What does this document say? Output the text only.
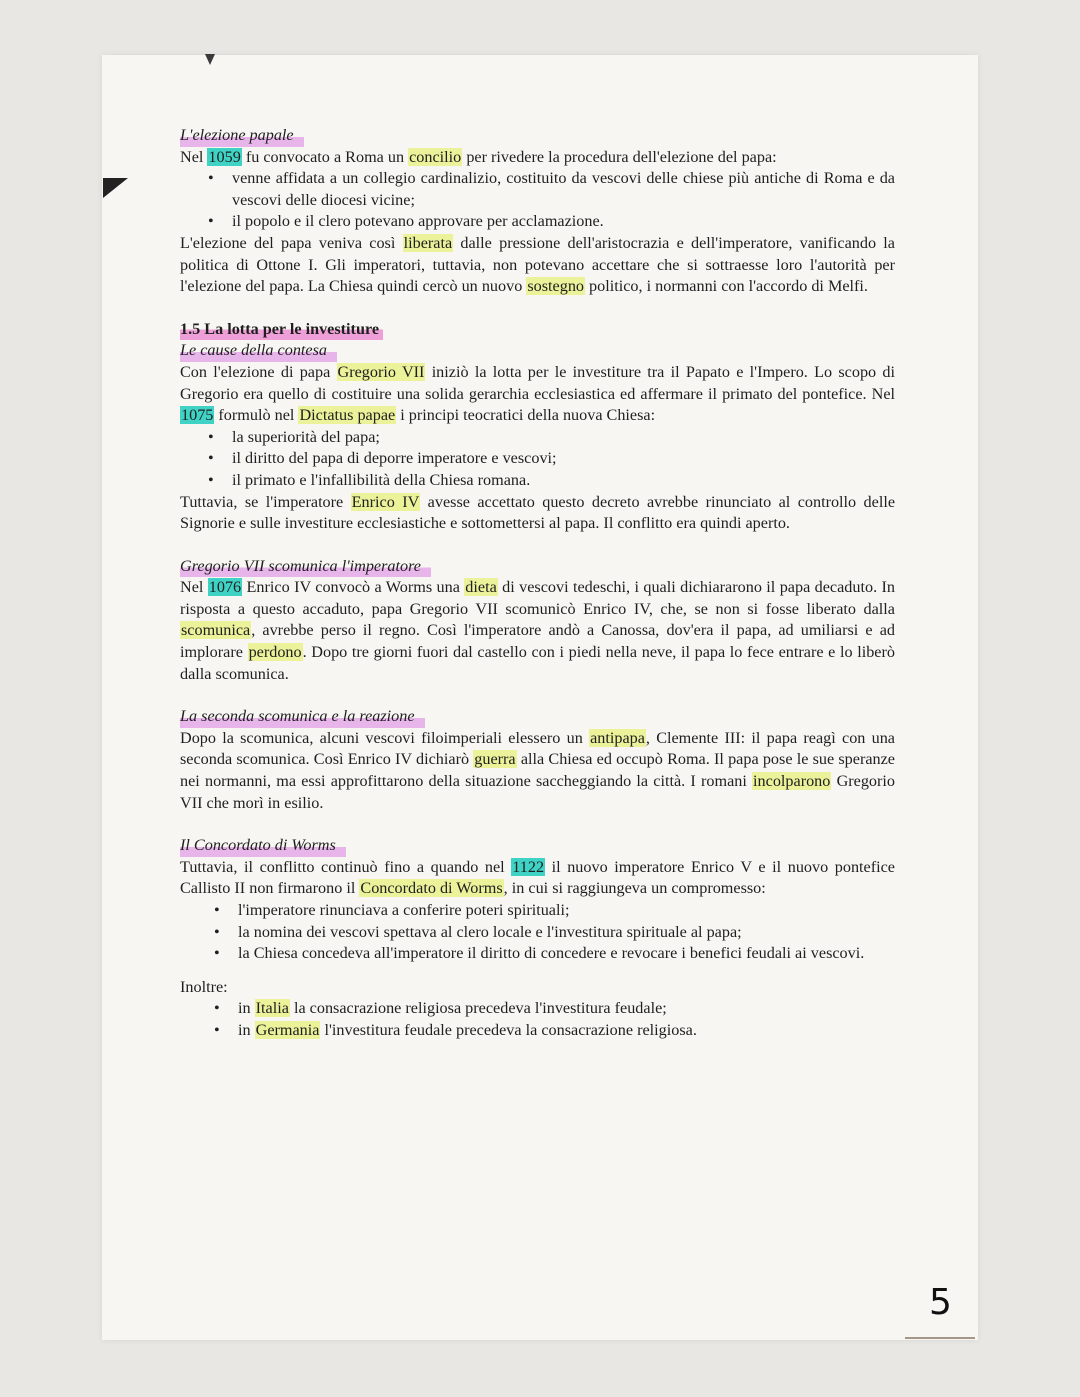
L'elezione papale

Nel 1059 fu convocato a Roma un concilio per rivedere la procedura dell'elezione del papa:

• venne affidata a un collegio cardinalizio, costituito da vescovi delle chiese più antiche di Roma e da vescovi delle diocesi vicine;
• il popolo e il clero potevano approvare per acclamazione.

L'elezione del papa veniva così liberata dalle pressione dell'aristocrazia e dell'imperatore, vanificando la politica di Ottone I. Gli imperatori, tuttavia, non potevano accettare che si sottraesse loro l'autorità per l'elezione del papa. La Chiesa quindi cercò un nuovo sostegno politico, i normanni con l'accordo di Melfi.

1.5 La lotta per le investiture
Le cause della contesa

Con l'elezione di papa Gregorio VII iniziò la lotta per le investiture tra il Papato e l'Impero. Lo scopo di Gregorio era quello di costituire una solida gerarchia ecclesiastica ed affermare il primato del pontefice. Nel 1075 formulò nel Dictatus papae i principi teocratici della nuova Chiesa:

• la superiorità del papa;
• il diritto del papa di deporre imperatore e vescovi;
• il primato e l'infallibilità della Chiesa romana.

Tuttavia, se l'imperatore Enrico IV avesse accettato questo decreto avrebbe rinunciato al controllo delle Signorie e sulle investiture ecclesiastiche e sottomettersi al papa. Il conflitto era quindi aperto.

Gregorio VII scomunica l'imperatore

Nel 1076 Enrico IV convocò a Worms una dieta di vescovi tedeschi, i quali dichiararono il papa decaduto. In risposta a questo accaduto, papa Gregorio VII scomunicò Enrico IV, che, se non si fosse liberato dalla scomunica, avrebbe perso il regno. Così l'imperatore andò a Canossa, dov'era il papa, ad umiliarsi e ad implorare perdono. Dopo tre giorni fuori dal castello con i piedi nella neve, il papa lo fece entrare e lo liberò dalla scomunica.

La seconda scomunica e la reazione

Dopo la scomunica, alcuni vescovi filoimperiali elessero un antipapa, Clemente III: il papa reagì con una seconda scomunica. Così Enrico IV dichiarò guerra alla Chiesa ed occupò Roma. Il papa pose le sue speranze nei normanni, ma essi approfittarono della situazione saccheggiando la città. I romani incolparono Gregorio VII che morì in esilio.

Il Concordato di Worms

Tuttavia, il conflitto continuò fino a quando nel 1122 il nuovo imperatore Enrico V e il nuovo pontefice Callisto II non firmarono il Concordato di Worms, in cui si raggiungeva un compromesso:

• l'imperatore rinunciava a conferire poteri spirituali;
• la nomina dei vescovi spettava al clero locale e l'investitura spirituale al papa;
• la Chiesa concedeva all'imperatore il diritto di concedere e revocare i benefici feudali ai vescovi.

Inoltre:

• in Italia la consacrazione religiosa precedeva l'investitura feudale;
• in Germania l'investitura feudale precedeva la consacrazione religiosa.
5
